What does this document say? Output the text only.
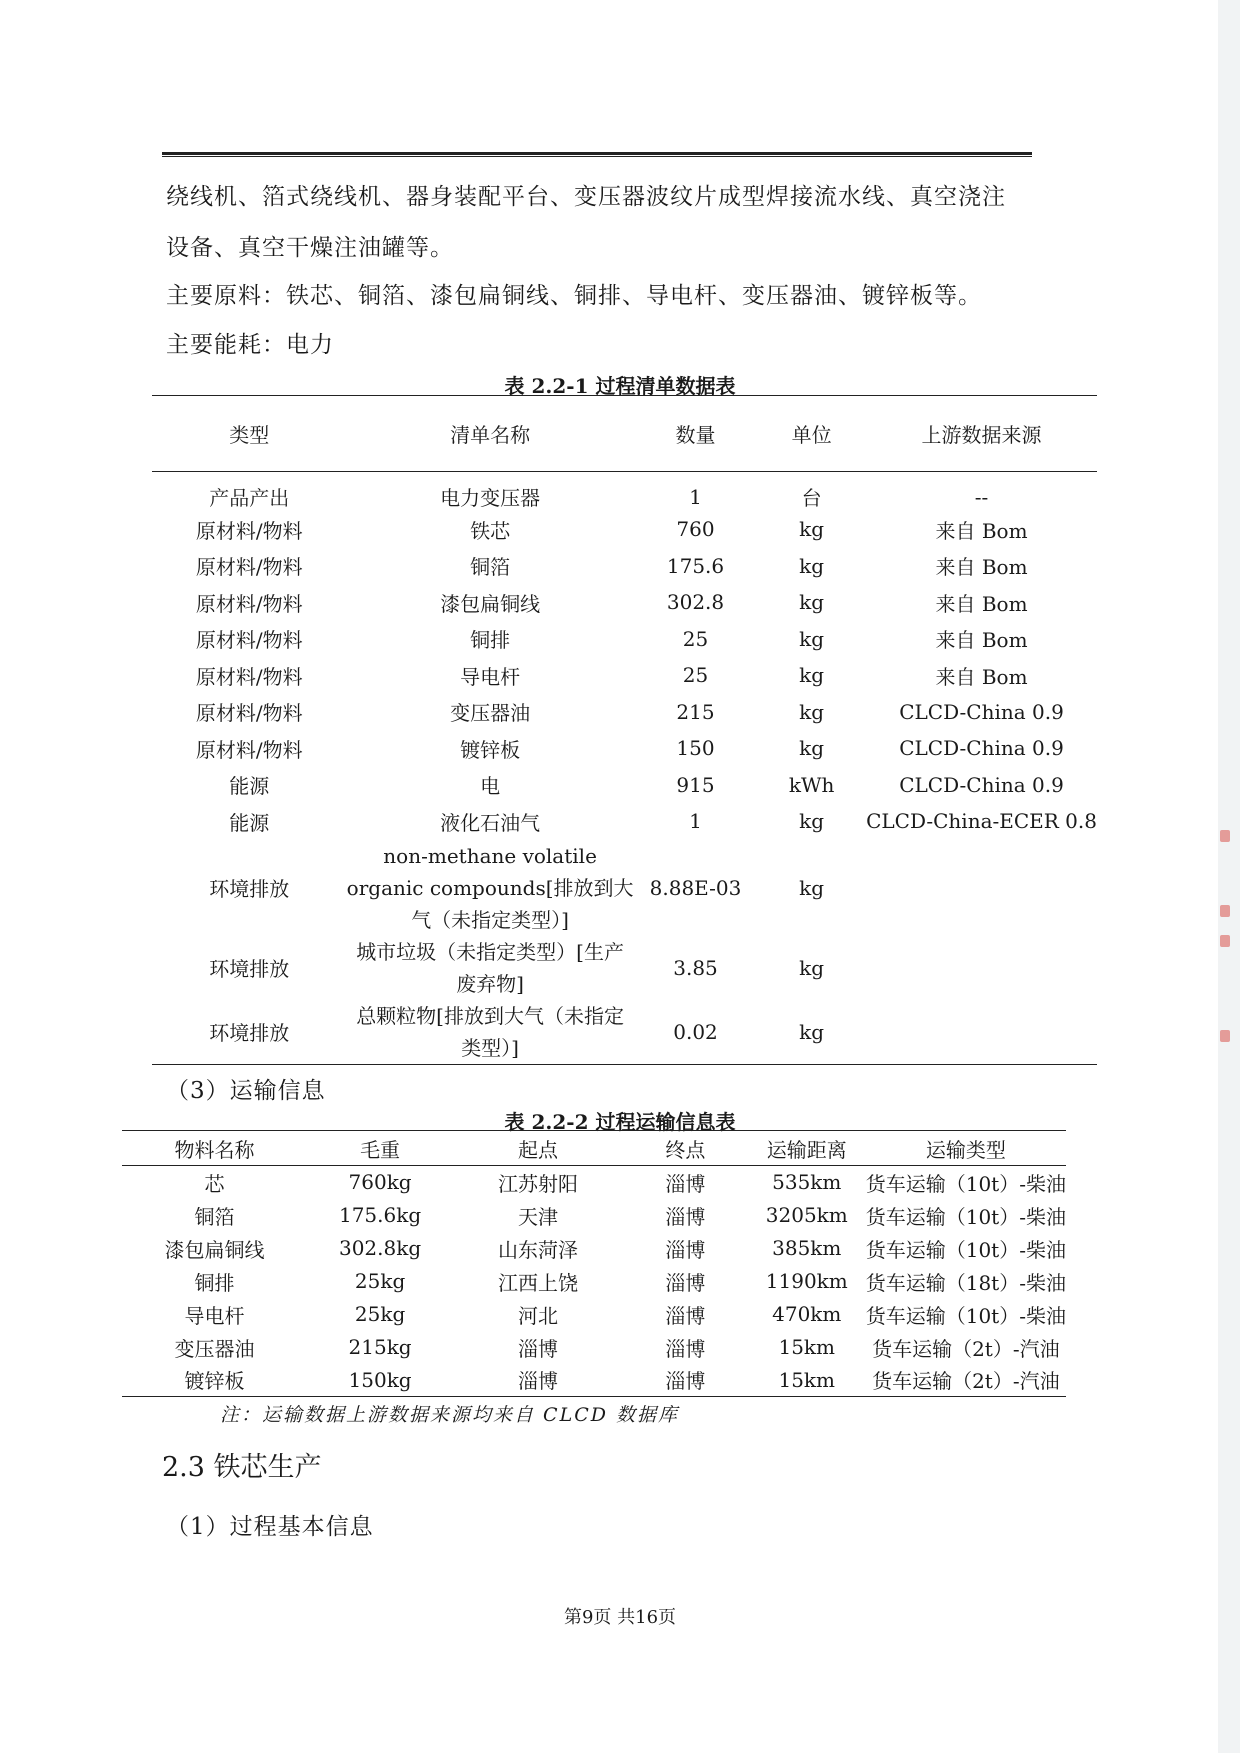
绕线机、箔式绕线机、器身装配平台、变压器波纹片成型焊接流水线、真空浇注
设备、真空干燥注油罐等。
主要原料：铁芯、铜箔、漆包扁铜线、铜排、导电杆、变压器油、镀锌板等。
主要能耗：电力
表 2.2-1 过程清单数据表
类型	清单名称	数量	单位	上游数据来源
产品产出	电力变压器	1	台	--
原材料/物料	铁芯	760	kg	来自 Bom
原材料/物料	铜箔	175.6	kg	来自 Bom
原材料/物料	漆包扁铜线	302.8	kg	来自 Bom
原材料/物料	铜排	25	kg	来自 Bom
原材料/物料	导电杆	25	kg	来自 Bom
原材料/物料	变压器油	215	kg	CLCD-China 0.9
原材料/物料	镀锌板	150	kg	CLCD-China 0.9
能源	电	915	kWh	CLCD-China 0.9
能源	液化石油气	1	kg	CLCD-China-ECER 0.8
环境排放	non-methane volatile organic compounds[排放到大气（未指定类型）]	8.88E-03	kg	
环境排放	城市垃圾（未指定类型）[生产废弃物]	3.85	kg	
环境排放	总颗粒物[排放到大气（未指定类型）]	0.02	kg	
（3）运输信息
表 2.2-2 过程运输信息表
物料名称	毛重	起点	终点	运输距离	运输类型
芯	760kg	江苏射阳	淄博	535km	货车运输（10t）-柴油
铜箔	175.6kg	天津	淄博	3205km	货车运输（10t）-柴油
漆包扁铜线	302.8kg	山东菏泽	淄博	385km	货车运输（10t）-柴油
铜排	25kg	江西上饶	淄博	1190km	货车运输（18t）-柴油
导电杆	25kg	河北	淄博	470km	货车运输（10t）-柴油
变压器油	215kg	淄博	淄博	15km	货车运输（2t）-汽油
镀锌板	150kg	淄博	淄博	15km	货车运输（2t）-汽油
注：运输数据上游数据来源均来自 CLCD 数据库
2.3 铁芯生产
（1）过程基本信息
第9页 共16页
